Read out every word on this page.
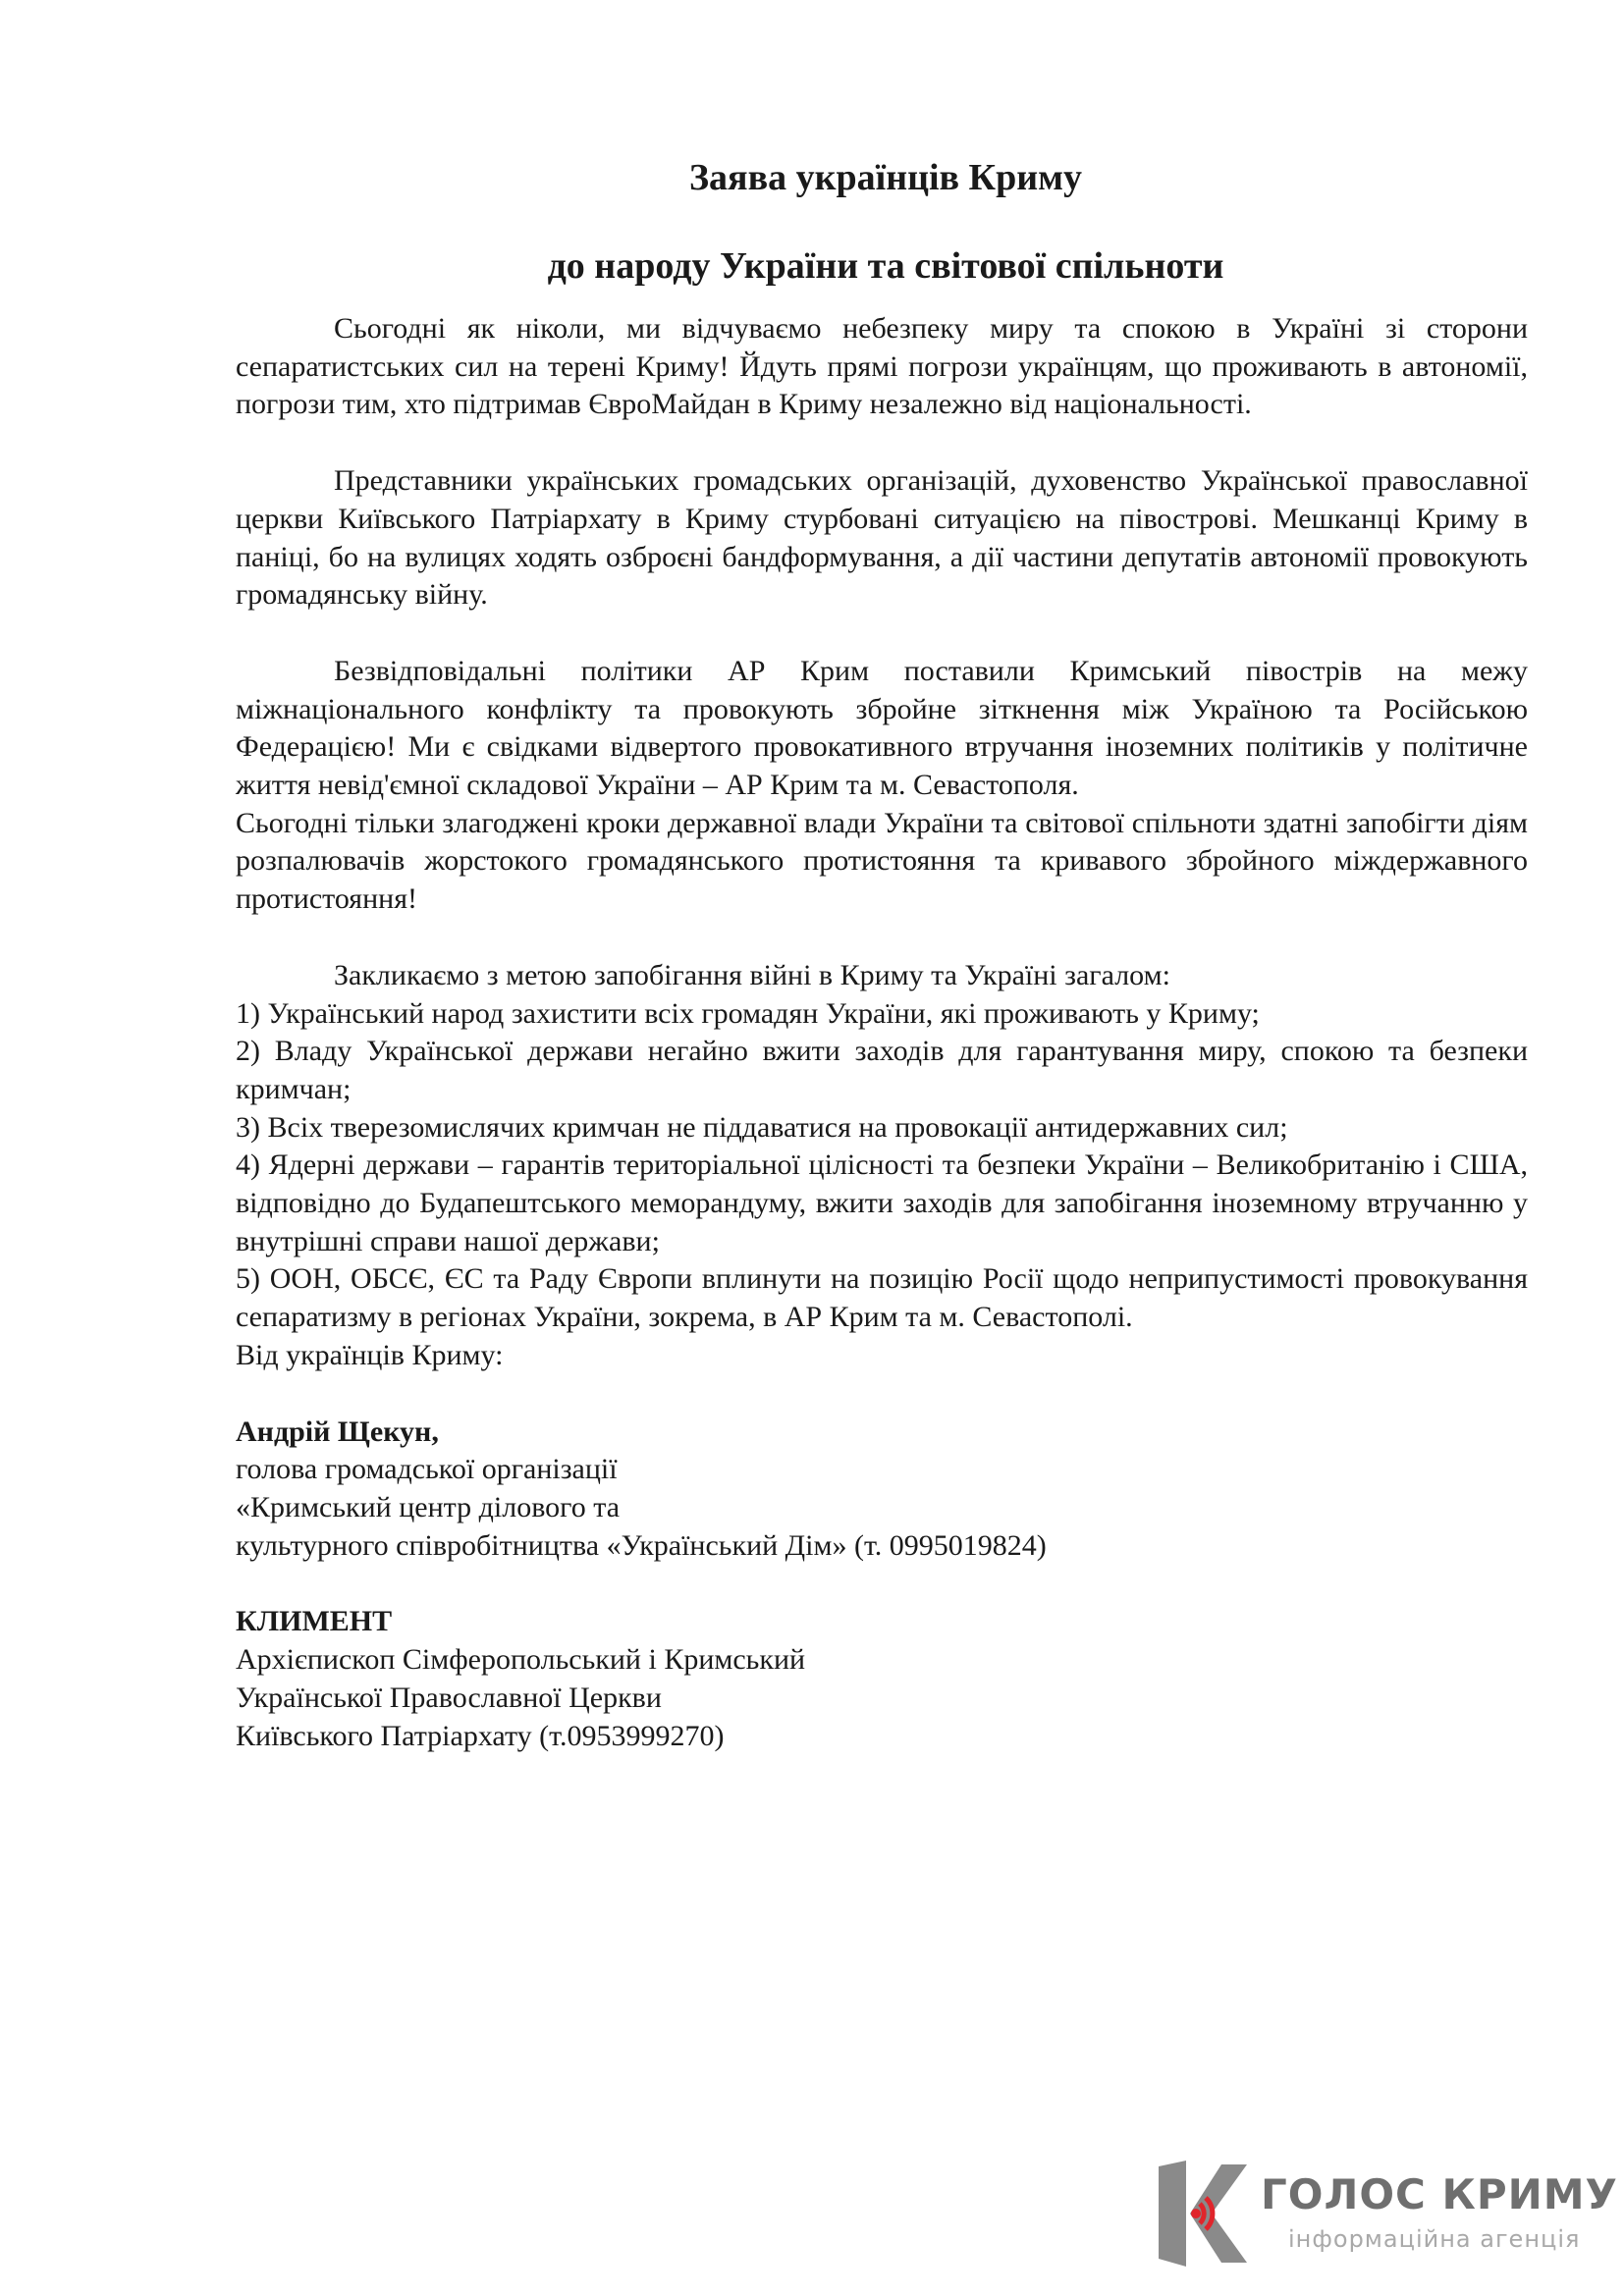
Заява українців Криму
до народу України та світової спільноти

Сьогодні як ніколи, ми відчуваємо небезпеку миру та спокою в Україні зі сторони сепаратистських сил на терені Криму! Йдуть прямі погрози українцям, що проживають в автономії, погрози тим, хто підтримав ЄвроМайдан в Криму незалежно від національності.

Представники українських громадських організацій, духовенство Української православної церкви Київського Патріархату в Криму стурбовані ситуацією на півострові. Мешканці Криму в паніці, бо на вулицях ходять озброєні бандформування, а дії частини депутатів автономії провокують громадянську війну.

Безвідповідальні політики АР Крим поставили Кримський півострів на межу міжнаціонального конфлікту та провокують збройне зіткнення між Україною та Російською Федерацією! Ми є свідками відвертого провокативного втручання іноземних політиків у політичне життя невід'ємної складової України – АР Крим та м. Севастополя.

Сьогодні тільки злагоджені кроки державної влади України та світової спільноти здатні запобігти діям розпалювачів жорстокого громадянського протистояння та кривавого збройного міждержавного протистояння!

Закликаємо з метою запобігання війні в Криму та Україні загалом:

1) Український народ захистити всіх громадян України, які проживають у Криму;

2) Владу Української держави негайно вжити заходів для гарантування миру, спокою та безпеки кримчан;

3) Всіх тверезомислячих кримчан не піддаватися на провокації антидержавних сил;

4) Ядерні держави – гарантів територіальної цілісності та безпеки України – Великобританію і США, відповідно до Будапештського меморандуму, вжити заходів для запобігання іноземному втручанню у внутрішні справи нашої держави;

5) ООН, ОБСЄ, ЄС та Раду Європи вплинути на позицію Росії щодо неприпустимості провокування сепаратизму в регіонах України, зокрема, в АР Крим та м. Севастополі.

Від українців Криму:

Андрій Щекун,

голова громадської організації

«Кримський центр ділового та

культурного співробітництва «Український Дім» (т. 0995019824)

КЛИМЕНТ

Архієпископ Сімферопольський і Кримський

Української Православної Церкви

Київського Патріархату (т.0953999270)

ГОЛОС КРИМУ
інформаційна агенція
